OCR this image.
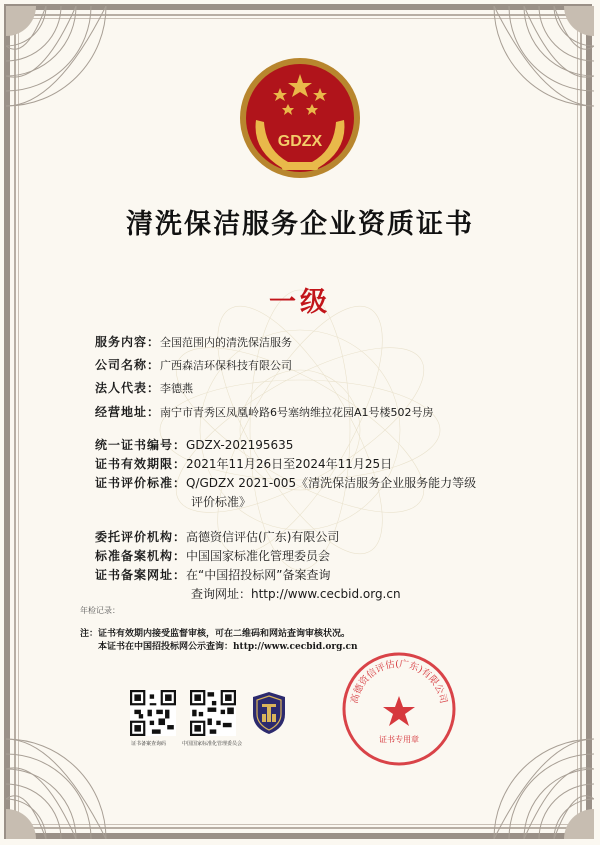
GDZX
清洗保洁服务企业资质证书
一级
服务内容：全国范围内的清洗保洁服务
公司名称：广西森洁环保科技有限公司
法人代表：李德燕
经营地址：南宁市青秀区凤凰岭路6号塞纳维拉花园A1号楼502号房
统一证书编号：GDZX-202195635
证书有效期限：2021年11月26日至2024年11月25日
证书评价标准：Q/GDZX 2021-005《清洗保洁服务企业服务能力等级
评价标准》
委托评价机构：高德资信评估(广东)有限公司
标准备案机构：中国国家标准化管理委员会
证书备案网址：在“中国招投标网”备案查询
查询网址：http://www.cecbid.org.cn
年检记录：
注：证书有效期内接受监督审核，可在二维码和网站查询审核状况。
本证书在中国招投标网公示查询：http://www.cecbid.org.cn
证书备案查询码	中国国家标准化管理委员会
高德资信评估(广东)有限公司
证书专用章
